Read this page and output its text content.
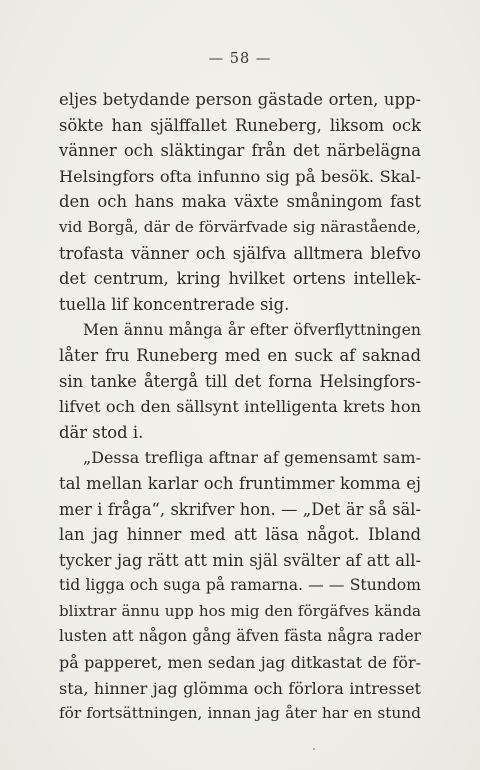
— 58 —
eljes betydande person gästade orten, upp-
sökte han själffallet Runeberg, liksom ock
vänner och släktingar från det närbelägna
Helsingfors ofta infunno sig på besök. Skal-
den och hans maka växte småningom fast
vid Borgå, där de förvärfvade sig närastående,
trofasta vänner och själfva alltmera blefvo
det centrum, kring hvilket ortens intellek-
tuella lif koncentrerade sig.
Men ännu många år efter öfverflyttningen
låter fru Runeberg med en suck af saknad
sin tanke återgå till det forna Helsingfors-
lifvet och den sällsynt intelligenta krets hon
där stod i.
„Dessa trefliga aftnar af gemensamt sam-
tal mellan karlar och fruntimmer komma ej
mer i fråga“, skrifver hon. — „Det är så säl-
lan jag hinner med att läsa något. Ibland
tycker jag rätt att min själ svälter af att all-
tid ligga och suga på ramarna. — — Stundom
blixtrar ännu upp hos mig den förgäfves kända
lusten att någon gång äfven fästa några rader
på papperet, men sedan jag ditkastat de för-
sta, hinner jag glömma och förlora intresset
för fortsättningen, innan jag åter har en stund
